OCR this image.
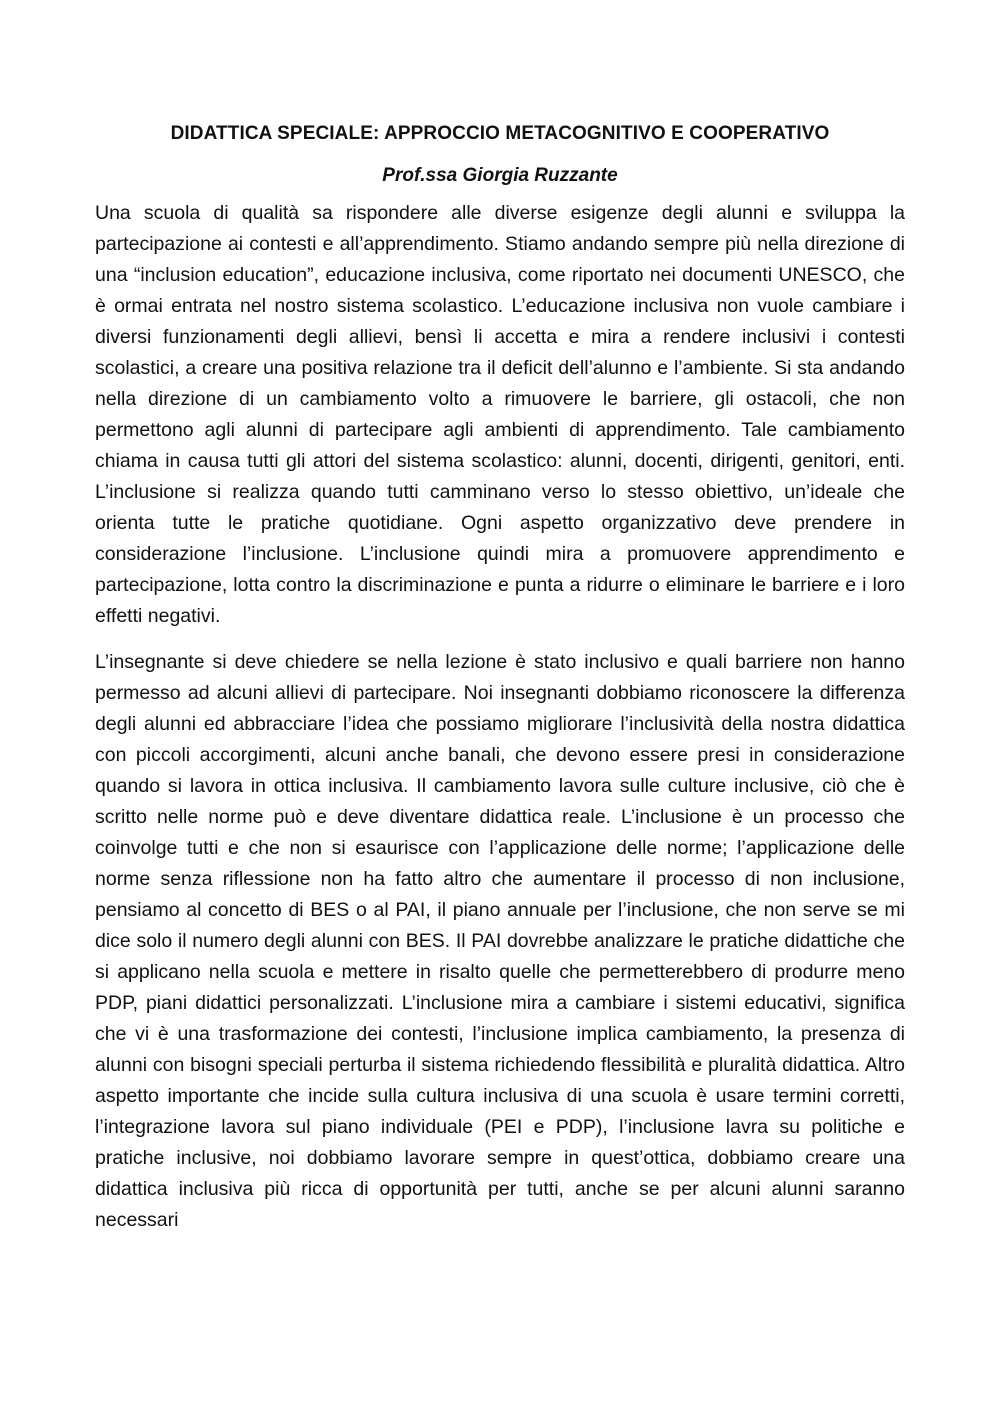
DIDATTICA SPECIALE: APPROCCIO METACOGNITIVO E COOPERATIVO

Prof.ssa Giorgia Ruzzante

Una scuola di qualità sa rispondere alle diverse esigenze degli alunni e sviluppa la partecipazione ai contesti e all’apprendimento. Stiamo andando sempre più nella direzione di una “inclusion education”, educazione inclusiva, come riportato nei documenti UNESCO, che è ormai entrata nel nostro sistema scolastico. L’educazione inclusiva non vuole cambiare i diversi funzionamenti degli allievi, bensì li accetta e mira a rendere inclusivi i contesti scolastici, a creare una positiva relazione tra il deficit dell’alunno e l’ambiente. Si sta andando nella direzione di un cambiamento volto a rimuovere le barriere, gli ostacoli, che non permettono agli alunni di partecipare agli ambienti di apprendimento. Tale cambiamento chiama in causa tutti gli attori del sistema scolastico: alunni, docenti, dirigenti, genitori, enti. L’inclusione si realizza quando tutti camminano verso lo stesso obiettivo, un’ideale che orienta tutte le pratiche quotidiane. Ogni aspetto organizzativo deve prendere in considerazione l’inclusione. L’inclusione quindi mira a promuovere apprendimento e partecipazione, lotta contro la discriminazione e punta a ridurre o eliminare le barriere e i loro effetti negativi.

L’insegnante si deve chiedere se nella lezione è stato inclusivo e quali barriere non hanno permesso ad alcuni allievi di partecipare. Noi insegnanti dobbiamo riconoscere la differenza degli alunni ed abbracciare l’idea che possiamo migliorare l’inclusività della nostra didattica con piccoli accorgimenti, alcuni anche banali, che devono essere presi in considerazione quando si lavora in ottica inclusiva. Il cambiamento lavora sulle culture inclusive, ciò che è scritto nelle norme può e deve diventare didattica reale. L’inclusione è un processo che coinvolge tutti e che non si esaurisce con l’applicazione delle norme; l’applicazione delle norme senza riflessione non ha fatto altro che aumentare il processo di non inclusione, pensiamo al concetto di BES o al PAI, il piano annuale per l’inclusione, che non serve se mi dice solo il numero degli alunni con BES. Il PAI dovrebbe analizzare le pratiche didattiche che si applicano nella scuola e mettere in risalto quelle che permetterebbero di produrre meno PDP, piani didattici personalizzati. L’inclusione mira a cambiare i sistemi educativi, significa che vi è una trasformazione dei contesti, l’inclusione implica cambiamento, la presenza di alunni con bisogni speciali perturba il sistema richiedendo flessibilità e pluralità didattica. Altro aspetto importante che incide sulla cultura inclusiva di una scuola è usare termini corretti, l’integrazione lavora sul piano individuale (PEI e PDP), l’inclusione lavra su politiche e pratiche inclusive, noi dobbiamo lavorare sempre in quest’ottica, dobbiamo creare una didattica inclusiva più ricca di opportunità per tutti, anche se per alcuni alunni saranno necessari
